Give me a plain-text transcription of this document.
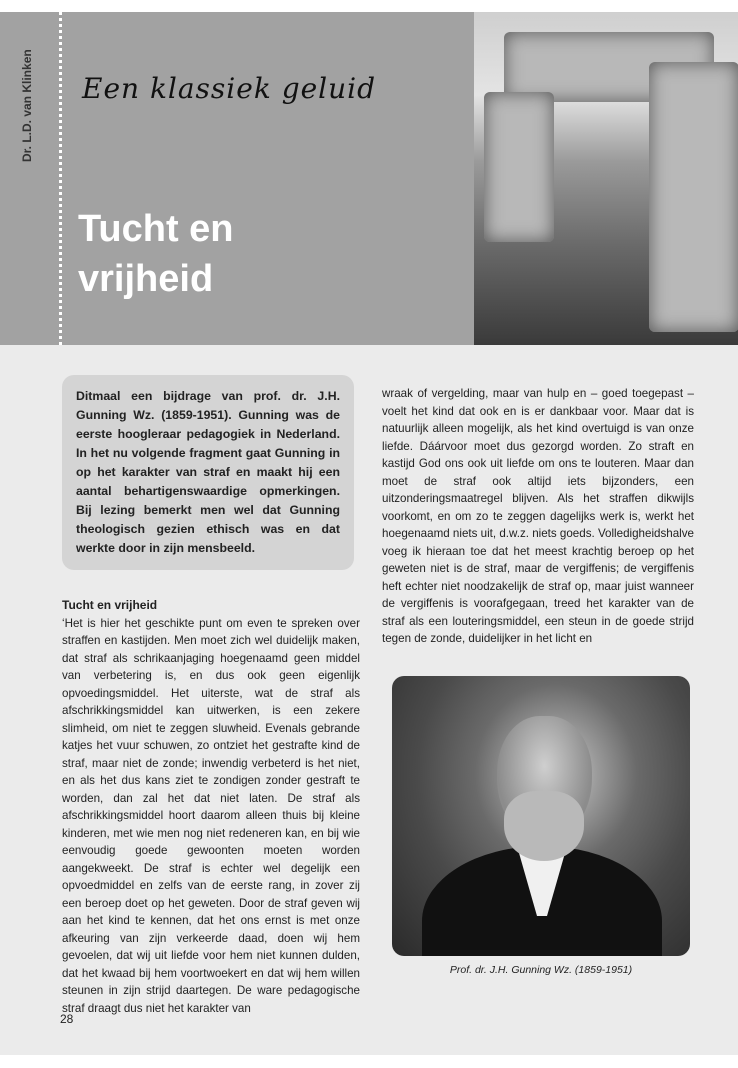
Dr. L.D. van Klinken Een klassiek geluid
Tucht en vrijheid
Ditmaal een bijdrage van prof. dr. J.H. Gunning Wz. (1859-1951). Gunning was de eerste hoogleraar pedagogiek in Nederland. In het nu volgende fragment gaat Gunning in op het karakter van straf en maakt hij een aantal behartigenswaardige opmerkingen. Bij lezing bemerkt men wel dat Gunning theologisch gezien ethisch was en dat werkte door in zijn mensbeeld.
Tucht en vrijheid
‘Het is hier het geschikte punt om even te spreken over straffen en kastijden. Men moet zich wel duidelijk maken, dat straf als schrikaanjaging hoegenaamd geen middel van verbetering is, en dus ook geen eigenlijk opvoedingsmiddel. Het uiterste, wat de straf als afschrikkingsmiddel kan uitwerken, is een zekere slimheid, om niet te zeggen sluwheid. Evenals gebrande katjes het vuur schuwen, zo ontziet het gestrafte kind de straf, maar niet de zonde; inwendig verbeterd is het niet, en als het dus kans ziet te zondigen zonder gestraft te worden, dan zal het dat niet laten. De straf als afschrikkingsmiddel hoort daarom alleen thuis bij kleine kinderen, met wie men nog niet redeneren kan, en bij wie eenvoudig goede gewoonten moeten worden aangekweekt. De straf is echter wel degelijk een opvoedmiddel en zelfs van de eerste rang, in zover zij een beroep doet op het geweten. Door de straf geven wij aan het kind te kennen, dat het ons ernst is met onze afkeuring van zijn verkeerde daad, doen wij hem gevoelen, dat wij uit liefde voor hem niet kunnen dulden, dat het kwaad bij hem voortwoekert en dat wij hem willen steunen in zijn strijd daartegen. De ware pedagogische straf draagt dus niet het karakter van
wraak of vergelding, maar van hulp en – goed toegepast – voelt het kind dat ook en is er dankbaar voor. Maar dat is natuurlijk alleen mogelijk, als het kind overtuigd is van onze liefde. Dáárvoor moet dus gezorgd worden. Zo straft en kastijd God ons ook uit liefde om ons te louteren. Maar dan moet de straf ook altijd iets bijzonders, een uitzonderingsmaatregel blijven. Als het straffen dikwijls voorkomt, en om zo te zeggen dagelijks werk is, werkt het hoegenaamd niets uit, d.w.z. niets goeds. Volledigheidshalve voeg ik hieraan toe dat het meest krachtig beroep op het geweten niet is de straf, maar de vergiffenis; de vergiffenis heft echter niet noodzakelijk de straf op, maar juist wanneer de vergiffenis is voorafgegaan, treed het karakter van de straf als een louteringsmiddel, een steun in de goede strijd tegen de zonde, duidelijker in het licht en
Prof. dr. J.H. Gunning Wz. (1859-1951)
28
